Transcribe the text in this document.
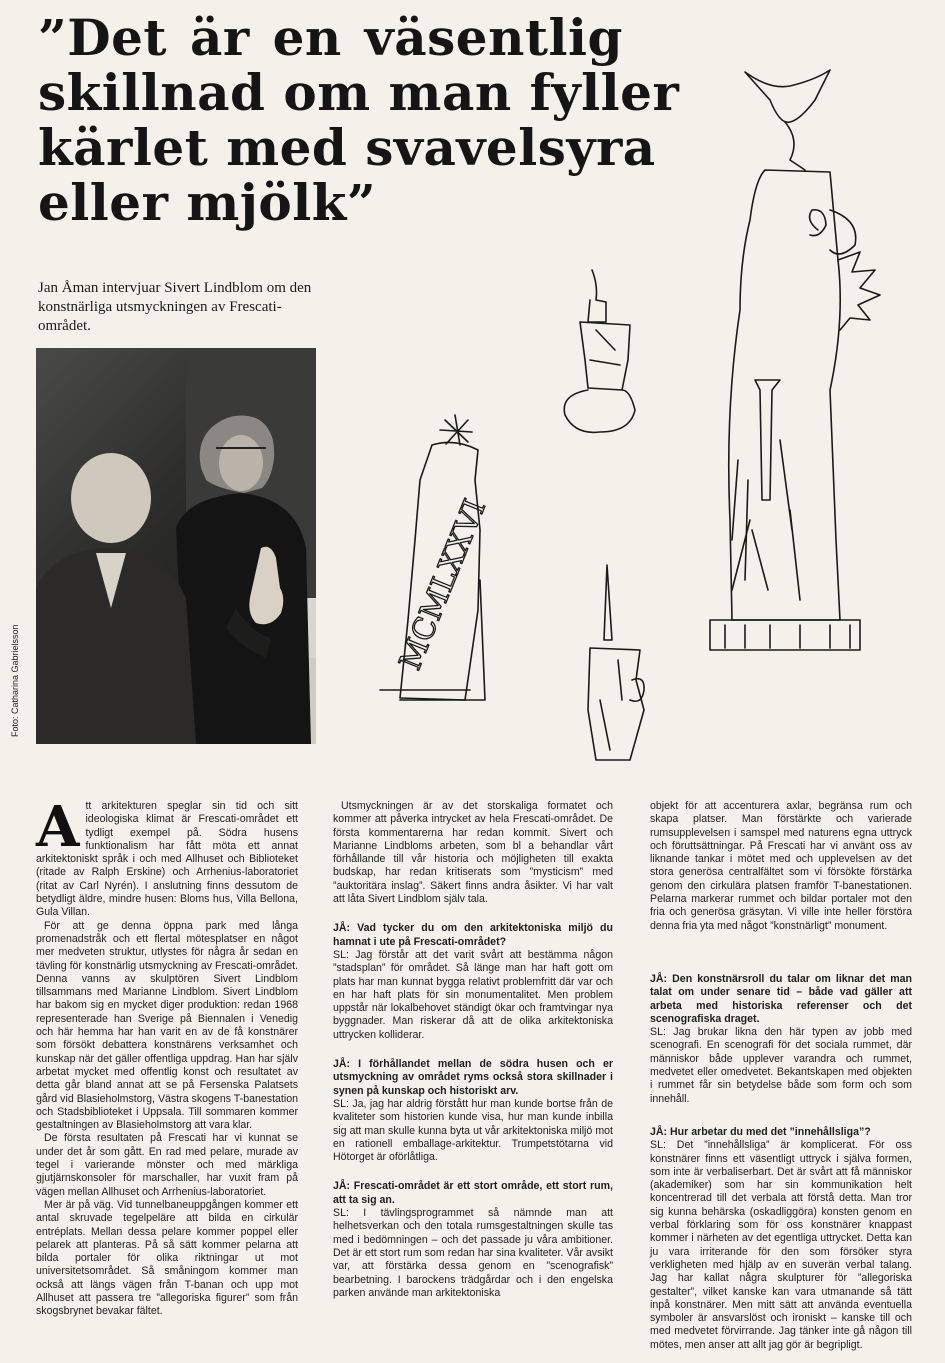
”Det är en väsentlig
skillnad om man fyller
kärlet med svavelsyra
eller mjölk”
Jan Åman intervjuar Sivert Lindblom om den konstnärliga utsmyckningen av Frescati-området.
Foto: Catharina Gabrielsson
MCMLXXVI

Att arkitekturen speglar sin tid och sitt ideologiska klimat är Frescati-området ett tydligt exempel på. Södra husens funktionalism har fått möta ett annat arkitektoniskt språk i och med Allhuset och Biblioteket (ritade av Ralph Erskine) och Arrhenius-laboratoriet (ritat av Carl Nyrén). I anslutning finns dessutom de betydligt äldre, mindre husen: Bloms hus, Villa Bellona, Gula Villan.

För att ge denna öppna park med långa promenadstråk och ett flertal mötesplatser en något mer medveten struktur, utlystes för några år sedan en tävling för konstnärlig utsmyckning av Frescati-området. Denna vanns av skulptören Sivert Lindblom tillsammans med Marianne Lindblom. Sivert Lindblom har bakom sig en mycket diger produktion: redan 1968 representerade han Sverige på Biennalen i Venedig och här hemma har han varit en av de få konstnärer som försökt debattera konstnärens verksamhet och kunskap när det gäller offentliga uppdrag. Han har själv arbetat mycket med offentlig konst och resultatet av detta går bland annat att se på Fersenska Palatsets gård vid Blasieholmstorg, Västra skogens T-banestation och Stadsbiblioteket i Uppsala. Till sommaren kommer gestaltningen av Blasieholmstorg att vara klar.

De första resultaten på Frescati har vi kunnat se under det år som gått. En rad med pelare, murade av tegel i varierande mönster och med märkliga gjutjärnskonsoler för marschaller, har vuxit fram på vägen mellan Allhuset och Arrhenius-laboratoriet.

Mer är på väg. Vid tunnelbaneuppgången kommer ett antal skruvade tegelpeläre att bilda en cirkulär entréplats. Mellan dessa pelare kommer poppel eller pelarek att planteras. På så sätt kommer pelarna att bilda portaler för olika riktningar ut mot universitetsområdet. Så småningom kommer man också att längs vägen från T-banan och upp mot Allhuset att passera tre ”allegoriska figurer” som från skogsbrynet bevakar fältet.

Utsmyckningen är av det storskaliga formatet och kommer att påverka intrycket av hela Frescati-området. De första kommentarerna har redan kommit. Sivert och Marianne Lindbloms arbeten, som bl a behandlar vårt förhållande till vår historia och möjligheten till exakta budskap, har redan kritiserats som ”mysticism” med ”auktoritära inslag”. Säkert finns andra åsikter. Vi har valt att låta Sivert Lindblom själv tala.

JÅ: Vad tycker du om den arkitektoniska miljö du hamnat i ute på Frescati-området?

SL: Jag förstår att det varit svårt att bestämma någon ”stadsplan” för området. Så länge man har haft gott om plats har man kunnat bygga relativt problemfritt där var och en har haft plats för sin monumentalitet. Men problem uppstår när lokalbehovet ständigt ökar och framtvingar nya byggnader. Man riskerar då att de olika arkitektoniska uttrycken kolliderar.

JÅ: I förhållandet mellan de södra husen och er utsmyckning av området ryms också stora skillnader i synen på kunskap och historiskt arv.

SL: Ja, jag har aldrig förstått hur man kunde bortse från de kvaliteter som historien kunde visa, hur man kunde inbilla sig att man skulle kunna byta ut vår arkitektoniska miljö mot en rationell emballage-arkitektur. Trumpetstötarna vid Hötorget är oförlåtliga.

JÅ: Frescati-området är ett stort område, ett stort rum, att ta sig an.

SL: I tävlingsprogrammet så nämnde man att helhetsverkan och den totala rumsgestaltningen skulle tas med i bedömningen – och det passade ju våra ambitioner. Det är ett stort rum som redan har sina kvaliteter. Vår avsikt var, att förstärka dessa genom en ”scenografisk” bearbetning. I barockens trädgårdar och i den engelska parken använde man arkitektoniska

objekt för att accenturera axlar, begränsa rum och skapa platser. Man förstärkte och varierade rumsupplevelsen i samspel med naturens egna uttryck och föruttsättningar. På Frescati har vi använt oss av liknande tankar i mötet med och upplevelsen av det stora generösa centralfältet som vi försökte förstärka genom den cirkulära platsen framför T-banestationen. Pelarna markerar rummet och bildar portaler mot den fria och generösa gräsytan. Vi ville inte heller förstöra denna fria yta med något ”konstnärligt” monument.

JÅ: Den konstnärsroll du talar om liknar det man talat om under senare tid – både vad gäller att arbeta med historiska referenser och det scenografiska draget.

SL: Jag brukar likna den här typen av jobb med scenografi. En scenografi för det sociala rummet, där människor både upplever varandra och rummet, medvetet eller omedvetet. Bekantskapen med objekten i rummet får sin betydelse både som form och som innehåll.

JÅ: Hur arbetar du med det ”innehållsliga”?

SL: Det ”innehållsliga” är komplicerat. För oss konstnärer finns ett väsentligt uttryck i själva formen, som inte är verbaliserbart. Det är svårt att få människor (akademiker) som har sin kommunikation helt koncentrerad till det verbala att förstå detta. Man tror sig kunna behärska (oskadliggöra) konsten genom en verbal förklaring som för oss konstnärer knappast kommer i närheten av det egentliga uttrycket. Detta kan ju vara irriterande för den som försöker styra verkligheten med hjälp av en suverän verbal talang. Jag har kallat några skulpturer för ”allegoriska gestalter”, vilket kanske kan vara utmanande så tätt inpå konstnärer. Men mitt sätt att använda eventuella symboler är ansvarslöst och ironiskt – kanske till och med medvetet förvirrande. Jag tänker inte gå någon till mötes, men anser att allt jag gör är begripligt.
